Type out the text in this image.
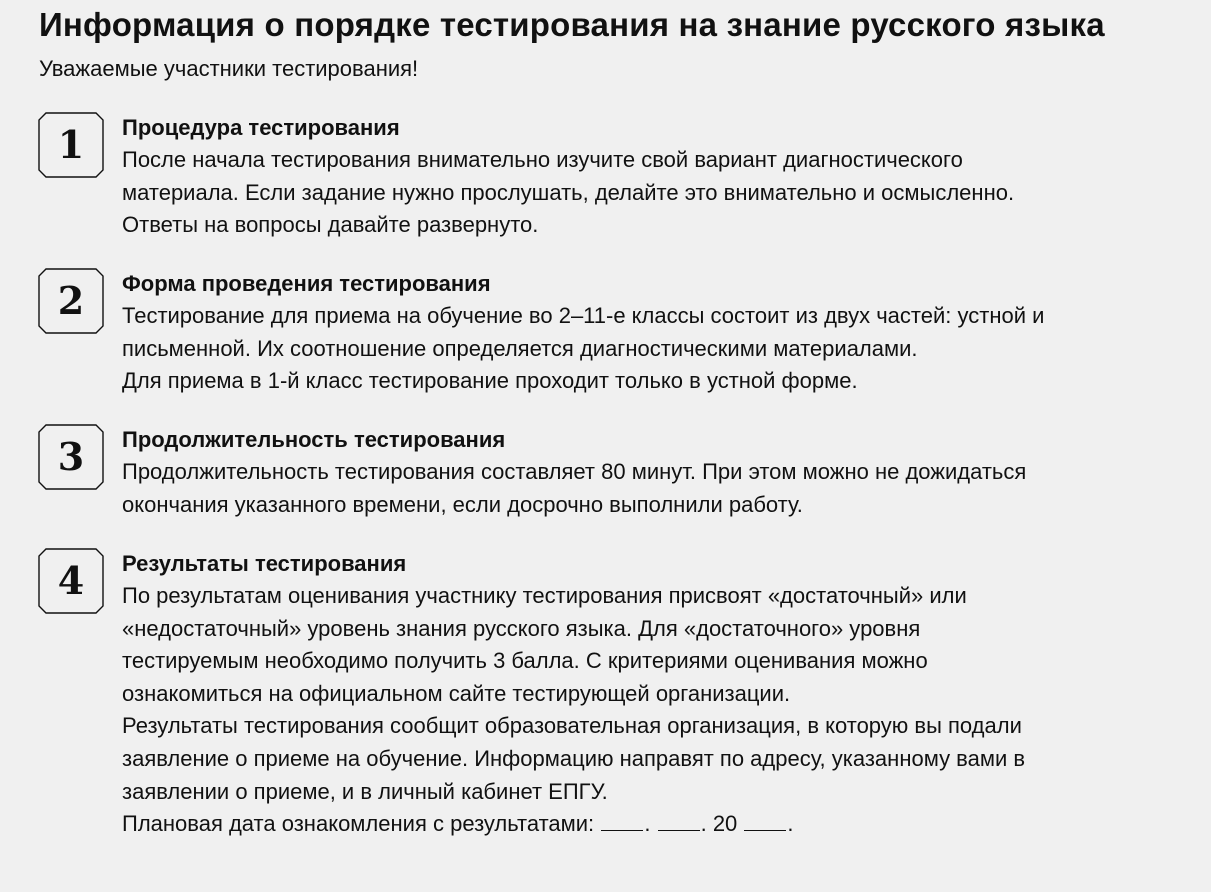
Информация о порядке тестирования на знание русского языка
Уважаемые участники тестирования!
1	Процедура тестирования
После начала тестирования внимательно изучите свой вариант диагностического
материала. Если задание нужно прослушать, делайте это внимательно и осмысленно.
Ответы на вопросы давайте развернуто.
2	Форма проведения тестирования
Тестирование для приема на обучение во 2–11-е классы состоит из двух частей: устной и
письменной. Их соотношение определяется диагностическими материалами.
Для приема в 1-й класс тестирование проходит только в устной форме.
3	Продолжительность тестирования
Продолжительность тестирования составляет 80 минут. При этом можно не дожидаться
окончания указанного времени, если досрочно выполнили работу.
4	Результаты тестирования
По результатам оценивания участнику тестирования присвоят «достаточный» или
«недостаточный» уровень знания русского языка. Для «достаточного» уровня
тестируемым необходимо получить 3 балла. С критериями оценивания можно
ознакомиться на официальном сайте тестирующей организации.
Результаты тестирования сообщит образовательная организация, в которую вы подали
заявление о приеме на обучение. Информацию направят по адресу, указанному вами в
заявлении о приеме, и в личный кабинет ЕПГУ.
Плановая дата ознакомления с результатами: . . 20 .
